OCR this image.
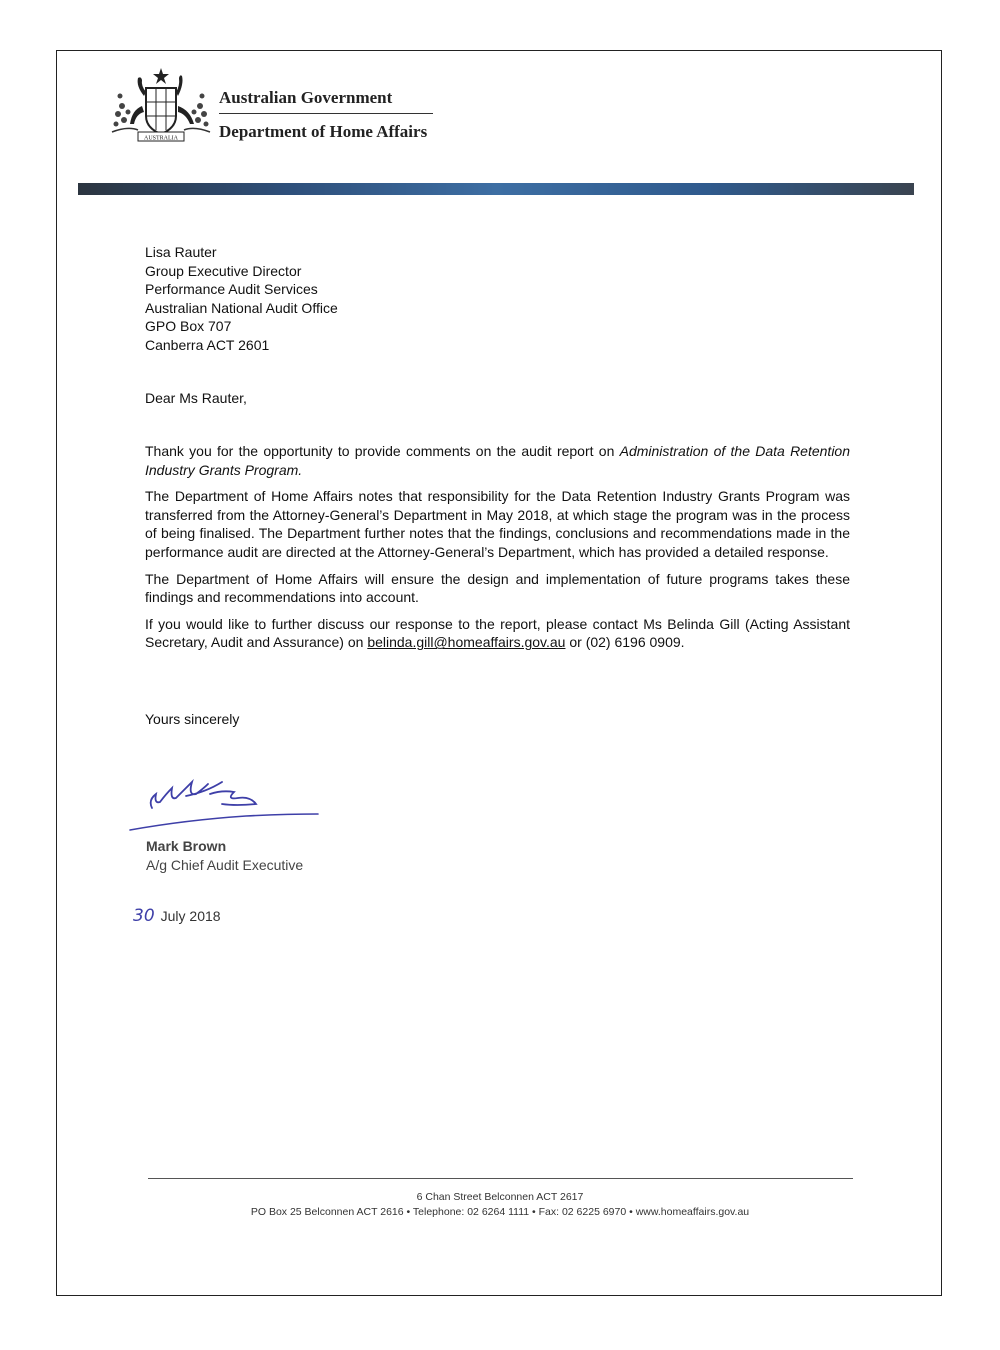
AUSTRALIA
Australian Government
Department of Home Affairs
Lisa Rauter
Group Executive Director
Performance Audit Services
Australian National Audit Office
GPO Box 707
Canberra ACT 2601
Dear Ms Rauter,

Thank you for the opportunity to provide comments on the audit report on Administration of the Data Retention Industry Grants Program.

The Department of Home Affairs notes that responsibility for the Data Retention Industry Grants Program was transferred from the Attorney-General’s Department in May 2018, at which stage the program was in the process of being finalised. The Department further notes that the findings, conclusions and recommendations made in the performance audit are directed at the Attorney-General’s Department, which has provided a detailed response.

The Department of Home Affairs will ensure the design and implementation of future programs takes these findings and recommendations into account.

If you would like to further discuss our response to the report, please contact Ms Belinda Gill (Acting Assistant Secretary, Audit and Assurance) on belinda.gill@homeaffairs.gov.au or (02) 6196 0909.

Yours sincerely
Mark Brown
A/g Chief Audit Executive
30 July 2018
6 Chan Street Belconnen ACT 2617
PO Box 25 Belconnen ACT 2616 • Telephone: 02 6264 1111 • Fax: 02 6225 6970 • www.homeaffairs.gov.au
